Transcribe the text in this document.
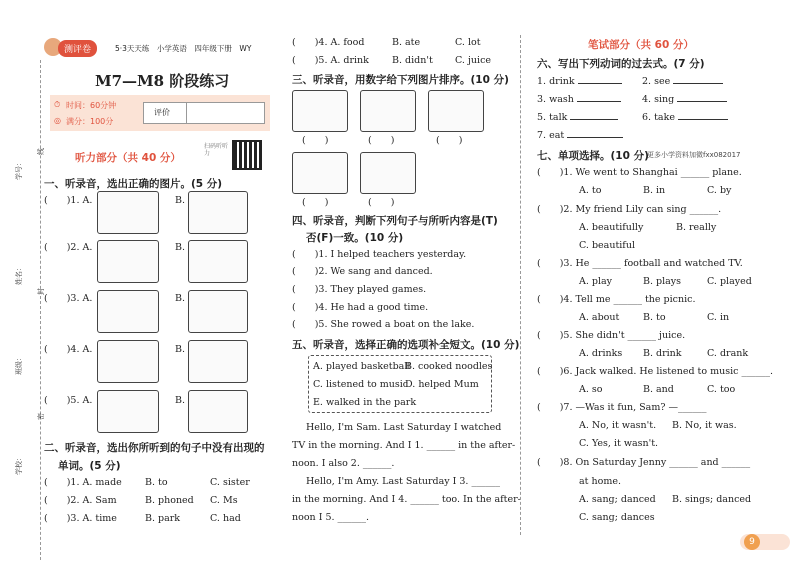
学号：
姓名：
班级：
学校：
线
封
密
测评卷	5·3天天练　小学英语　四年级下册　WY
M7—M8 阶段练习
⏱ 时间：60分钟
◎ 满分：100分
评价
听力部分（共 40 分）
扫码听听力
一、听录音，选出正确的图片。(5 分)
(　　)1. A.	B.
(　　)2. A.	B.
(　　)3. A.	B.
(　　)4. A.	B.
(　　)5. A.	B.
二、听录音，选出你所听到的句子中没有出现的
单词。(5 分)
(　　)1. A. made B. to	C. sister
(　　)2. A. Sam	B. phoned C. Ms
(　　)3. A. time	B. park	C. had
(　　)4. A. food	B. ate	C. lot
(　　)5. A. drink B. didn't C. juice
三、听录音，用数字给下列图片排序。(10 分)
(　　)	(　　)	(　　)
(　　)	(　　)
四、听录音，判断下列句子与所听内容是(T)
否(F)一致。(10 分)
(　　)1. I helped teachers yesterday.
(　　)2. We sang and danced.
(　　)3. They played games.
(　　)4. He had a good time.
(　　)5. She rowed a boat on the lake.
五、听录音，选择正确的选项补全短文。(10 分)
A. played basketball
B. cooked noodles
C. listened to music
D. helped Mum
E. walked in the park
Hello, I'm Sam. Last Saturday I watched
TV in the morning. And I 1. ______ in the after-
noon. I also 2. ______.
Hello, I'm Amy. Last Saturday I 3. ______
in the morning. And I 4. ______ too. In the after-
noon I 5. ______.
笔试部分（共 60 分）
六、写出下列动词的过去式。(7 分)
1. drink	2. see
3. wash	4. sing
5. talk	6. take
7. eat
七、单项选择。(10 分)
更多小学资料加微fxx082017
(　　)1. We went to Shanghai ______ plane.
A. to	B. in	C. by
(　　)2. My friend Lily can sing ______.
A. beautifully	B. really
C. beautiful
(　　)3. He ______ football and watched TV.
A. play	B. plays	C. played
(　　)4. Tell me ______ the picnic.
A. about B. to	C. in
(　　)5. She didn't ______ juice.
A. drinks B. drink	C. drank
(　　)6. Jack walked. He listened to music ______.
A. so	B. and	C. too
(　　)7. —Was it fun, Sam? —______
A. No, it wasn't. B. No, it was.
C. Yes, it wasn't.
(　　)8. On Saturday Jenny ______ and ______
at home.
A. sang; danced B. sings; danced
C. sang; dances
9
